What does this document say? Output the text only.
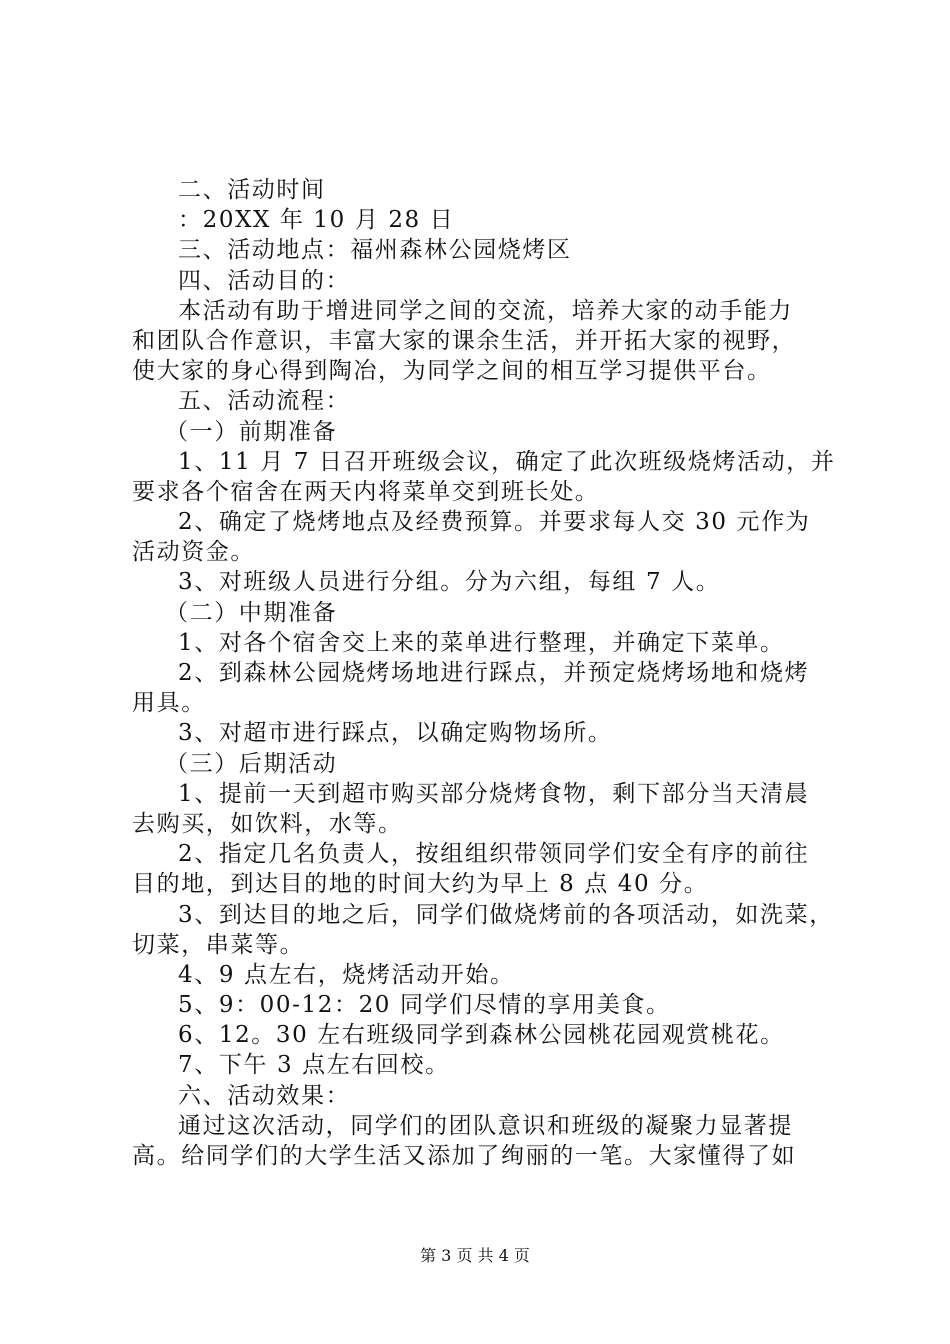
二、活动时间
：20XX 年 10 月 28 日
三、活动地点：福州森林公园烧烤区
四、活动目的：
本活动有助于增进同学之间的交流，培养大家的动手能力
和团队合作意识，丰富大家的课余生活，并开拓大家的视野，
使大家的身心得到陶冶，为同学之间的相互学习提供平台。
五、活动流程：
（一）前期准备
1、11 月 7 日召开班级会议，确定了此次班级烧烤活动，并
要求各个宿舍在两天内将菜单交到班长处。
2、确定了烧烤地点及经费预算。并要求每人交 30 元作为
活动资金。
3、对班级人员进行分组。分为六组，每组 7 人。
（二）中期准备
1、对各个宿舍交上来的菜单进行整理，并确定下菜单。
2、到森林公园烧烤场地进行踩点，并预定烧烤场地和烧烤
用具。
3、对超市进行踩点，以确定购物场所。
（三）后期活动
1、提前一天到超市购买部分烧烤食物，剩下部分当天清晨
去购买，如饮料，水等。
2、指定几名负责人，按组组织带领同学们安全有序的前往
目的地，到达目的地的时间大约为早上 8 点 40 分。
3、到达目的地之后，同学们做烧烤前的各项活动，如洗菜，
切菜，串菜等。
4、9 点左右，烧烤活动开始。
5、9：00-12：20 同学们尽情的享用美食。
6、12。30 左右班级同学到森林公园桃花园观赏桃花。
7、下午 3 点左右回校。
六、活动效果：
通过这次活动，同学们的团队意识和班级的凝聚力显著提
高。给同学们的大学生活又添加了绚丽的一笔。大家懂得了如
第 3 页 共 4 页
